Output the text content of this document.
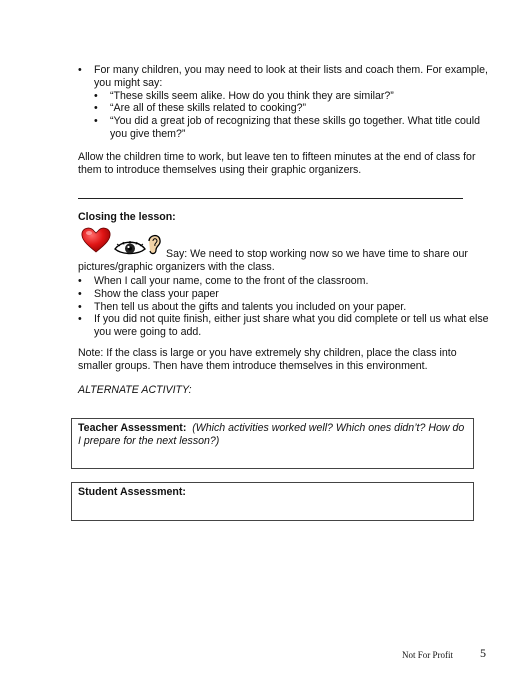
• For many children, you may need to look at their lists and coach them. For example, you might say:
• “These skills seem alike. How do you think they are similar?”
• “Are all of these skills related to cooking?”
• “You did a great job of recognizing that these skills go together. What title could you give them?”

Allow the children time to work, but leave ten to fifteen minutes at the end of class for them to introduce themselves using their graphic organizers.

Closing the lesson:
Say: We need to stop working now so we have time to share our pictures/graphic organizers with the class.
• When I call your name, come to the front of the classroom.
• Show the class your paper
• Then tell us about the gifts and talents you included on your paper.
• If you did not quite finish, either just share what you did complete or tell us what else you were going to add.

Note: If the class is large or you have extremely shy children, place the class into smaller groups. Then have them introduce themselves in this environment.

ALTERNATE ACTIVITY:
Teacher Assessment: (Which activities worked well? Which ones didn’t? How do I prepare for the next lesson?)
Student Assessment:
Not For Profit 5
